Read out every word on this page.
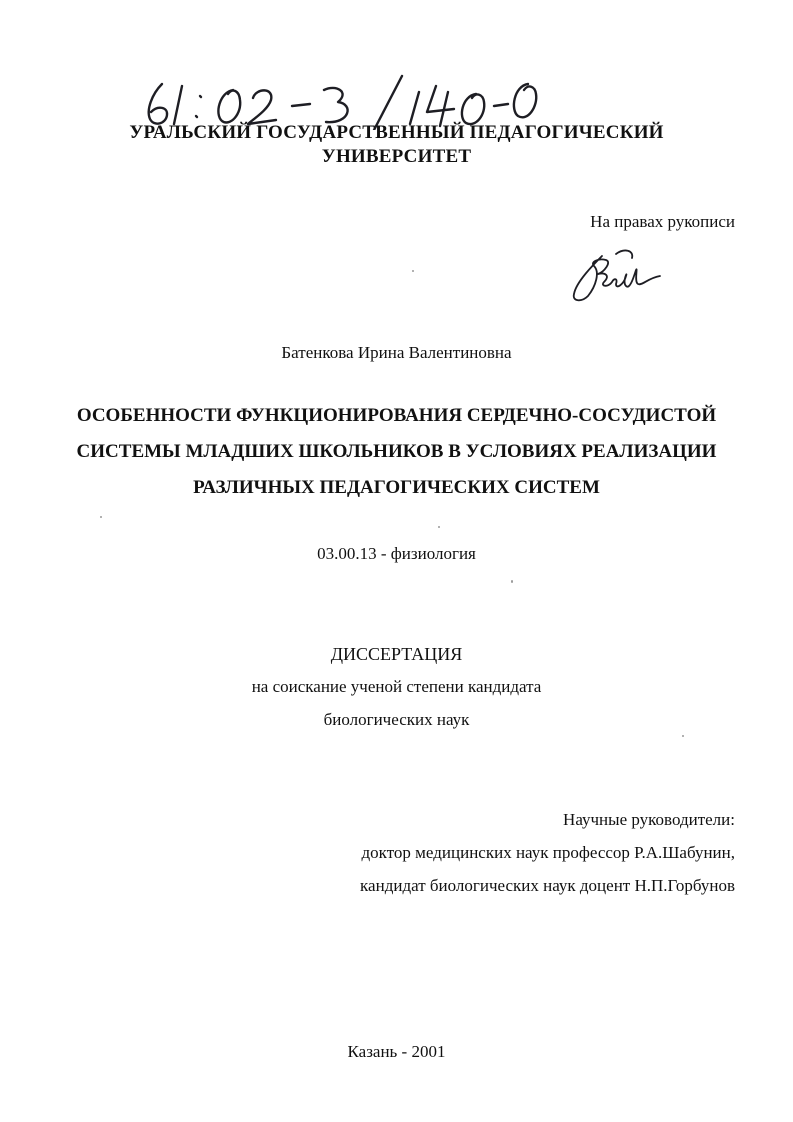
УРАЛЬСКИЙ ГОСУДАРСТВЕННЫЙ ПЕДАГОГИЧЕСКИЙ
УНИВЕРСИТЕТ
На правах рукописи
Батенкова Ирина Валентиновна
ОСОБЕННОСТИ ФУНКЦИОНИРОВАНИЯ СЕРДЕЧНО-СОСУДИСТОЙ
СИСТЕМЫ МЛАДШИХ ШКОЛЬНИКОВ В УСЛОВИЯХ РЕАЛИЗАЦИИ
РАЗЛИЧНЫХ ПЕДАГОГИЧЕСКИХ СИСТЕМ
03.00.13 - физиология
ДИССЕРТАЦИЯ
на соискание ученой степени кандидата
биологических наук
Научные руководители:
доктор медицинских наук профессор Р.А.Шабунин,
кандидат биологических наук доцент Н.П.Горбунов
Казань - 2001
